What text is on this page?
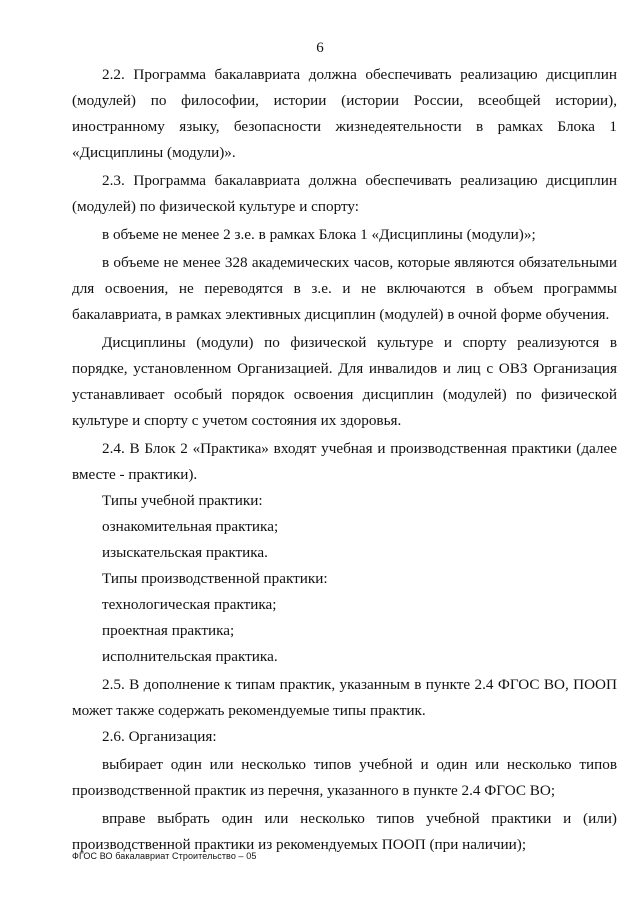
6

2.2. Программа бакалавриата должна обеспечивать реализацию дисциплин (модулей) по философии, истории (истории России, всеобщей истории), иностранному языку, безопасности жизнедеятельности в рамках Блока 1 «Дисциплины (модули)».

2.3. Программа бакалавриата должна обеспечивать реализацию дисциплин (модулей) по физической культуре и спорту:

в объеме не менее 2 з.е. в рамках Блока 1 «Дисциплины (модули)»;

в объеме не менее 328 академических часов, которые являются обязательными для освоения, не переводятся в з.е. и не включаются в объем программы бакалавриата, в рамках элективных дисциплин (модулей) в очной форме обучения.

Дисциплины (модули) по физической культуре и спорту реализуются в порядке, установленном Организацией. Для инвалидов и лиц с ОВЗ Организация устанавливает особый порядок освоения дисциплин (модулей) по физической культуре и спорту с учетом состояния их здоровья.

2.4. В Блок 2 «Практика» входят учебная и производственная практики (далее вместе - практики).

Типы учебной практики:

ознакомительная практика;

изыскательская практика.

Типы производственной практики:

технологическая практика;

проектная практика;

исполнительская практика.

2.5. В дополнение к типам практик, указанным в пункте 2.4 ФГОС ВО, ПООП может также содержать рекомендуемые типы практик.

2.6. Организация:

выбирает один или несколько типов учебной и один или несколько типов производственной практик из перечня, указанного в пункте 2.4 ФГОС ВО;

вправе выбрать один или несколько типов учебной практики и (или) производственной практики из рекомендуемых ПООП (при наличии);

ФГОС ВО бакалавриат Строительство – 05
